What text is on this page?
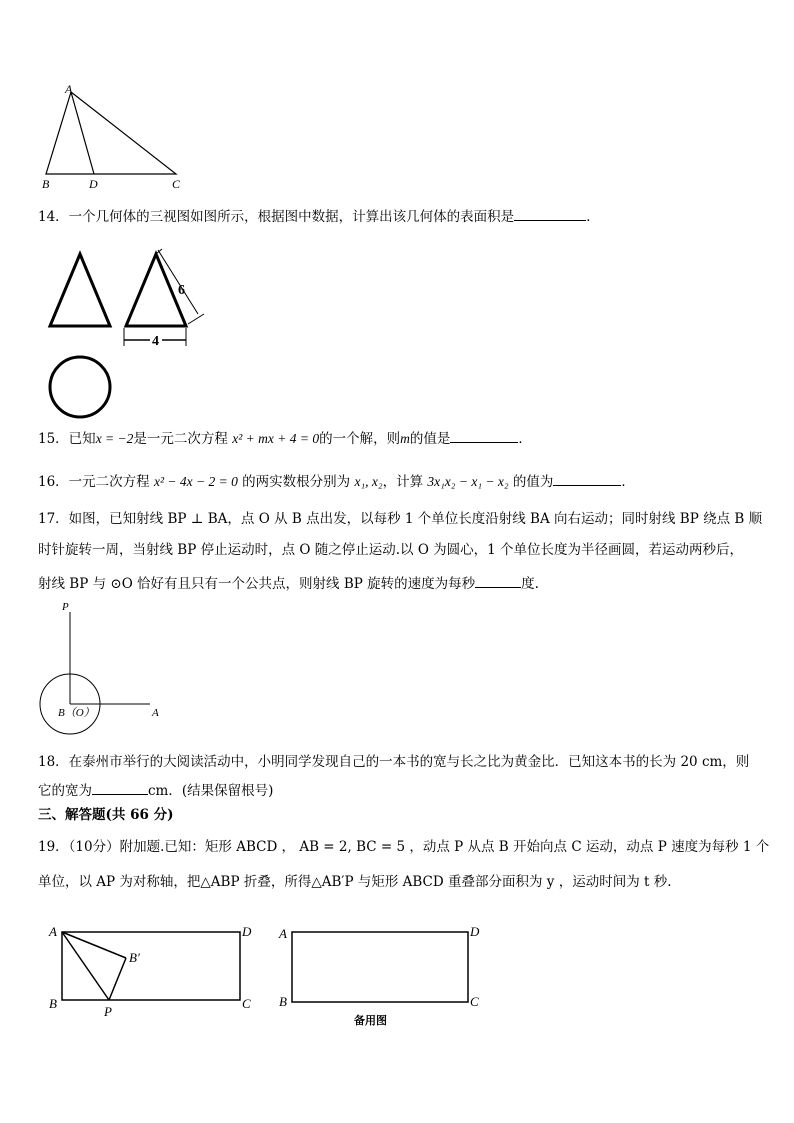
A
B	D	C
14．一个几何体的三视图如图所示，根据图中数据，计算出该几何体的表面积是	．
6
4
15．已知x = −2是一元二次方程 x² + mx + 4 = 0的一个解，则m的值是	．
16．一元二次方程 x² − 4x − 2 = 0 的两实数根分别为 x₁, x₂，计算 3x₁x₂ − x₁ − x₂ 的值为	．
17．如图，已知射线 BP ⊥ BA，点 O 从 B 点出发，以每秒 1 个单位长度沿射线 BA 向右运动；同时射线 BP 绕点 B 顺
时针旋转一周，当射线 BP 停止运动时，点 O 随之停止运动.以 O 为圆心，1 个单位长度为半径画圆，若运动两秒后，
射线 BP 与 ⊙O 恰好有且只有一个公共点，则射线 BP 旋转的速度为每秒	度.
P
B（O）	A
18．在泰州市举行的大阅读活动中，小明同学发现自己的一本书的宽与长之比为黄金比．已知这本书的长为 20 cm，则
它的宽为	cm．(结果保留根号)
三、解答题(共 66 分)
19．（10分）附加题.已知：矩形 ABCD ， AB = 2, BC = 5 ，动点 P 从点 B 开始向点 C 运动，动点 P 速度为每秒 1 个
单位，以 AP 为对称轴，把△ABP 折叠，所得△AB′P 与矩形 ABCD 重叠部分面积为 y ，运动时间为 t 秒.
A	D
B	C
P
B′
A	D
B	C
备用图
